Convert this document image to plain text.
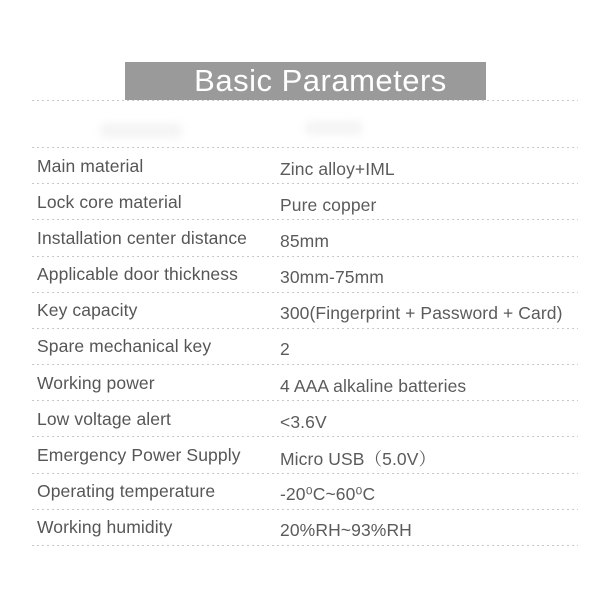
Basic Parameters
Main material	Zinc alloy+IML
Lock core material	Pure copper
Installation center distance	85mm
Applicable door thickness	30mm-75mm
Key capacity	300(Fingerprint + Password + Card)
Spare mechanical key	2
Working power	4 AAA alkaline batteries
Low voltage alert	<3.6V
Emergency Power Supply	Micro USB（5.0V）
Operating temperature	-20⁰C~60⁰C
Working humidity	20%RH~93%RH
